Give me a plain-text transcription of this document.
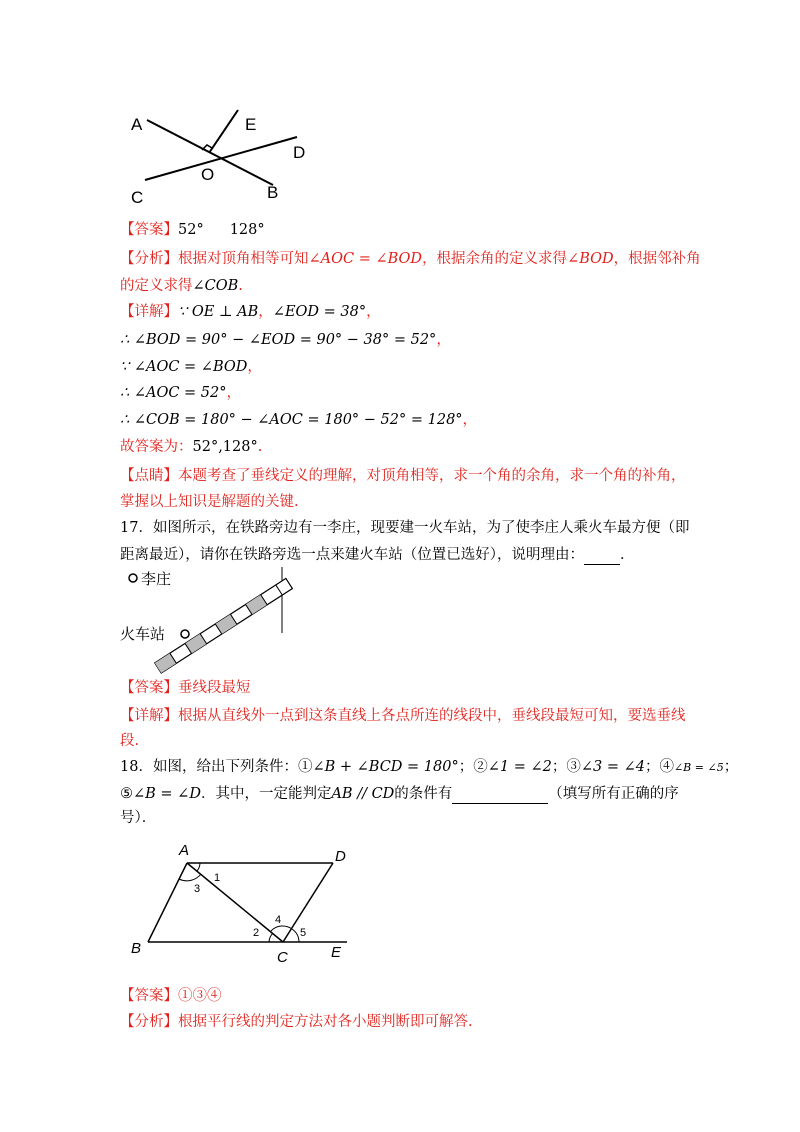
A	E
D
C
O
B
【答案】52° 128°
【分析】根据对顶角相等可知∠AOC = ∠BOD，根据余角的定义求得∠BOD，根据邻补角
的定义求得∠COB.
【详解】∵ OE ⊥ AB，∠EOD = 38°，
∴ ∠BOD = 90° − ∠EOD = 90° − 38° = 52°，
∵ ∠AOC = ∠BOD，
∴ ∠AOC = 52°，
∴ ∠COB = 180° − ∠AOC = 180° − 52° = 128°，
故答案为：52°,128°.
【点睛】本题考查了垂线定义的理解，对顶角相等，求一个角的余角，求一个角的补角，
掌握以上知识是解题的关键.
17．如图所示，在铁路旁边有一李庄，现要建一火车站，为了使李庄人乘火车最方便（即
距离最近），请你在铁路旁选一点来建火车站（位置已选好），说明理由： ．
李庄
火车站
【答案】垂线段最短
【详解】根据从直线外一点到这条直线上各点所连的线段中，垂线段最短可知，要选垂线
段.
18．如图，给出下列条件：①∠B + ∠BCD = 180°；②∠1 = ∠2；③∠3 = ∠4；④∠B = ∠5；
⑤∠B = ∠D．其中，一定能判定AB // CD的条件有	（填写所有正确的序
号）．
A	D
B
C	E
1
3
2
4
5
【答案】①③④
【分析】根据平行线的判定方法对各小题判断即可解答.
